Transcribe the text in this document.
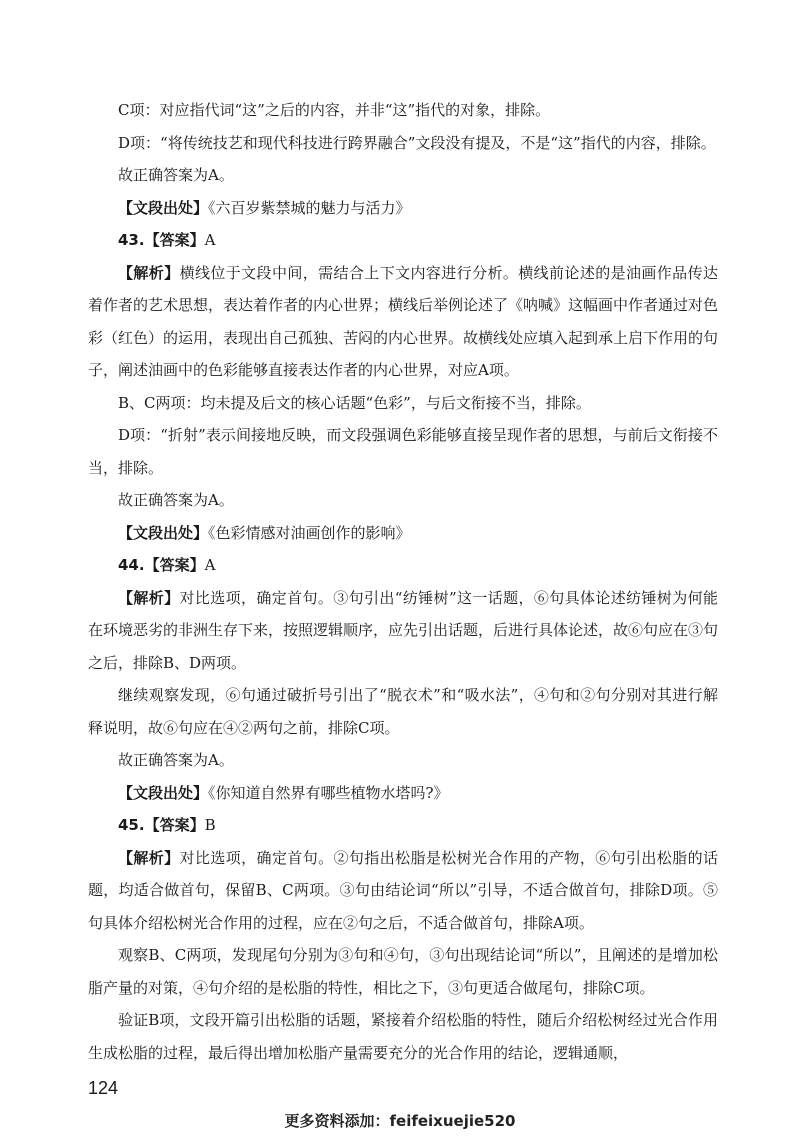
C项：对应指代词“这”之后的内容，并非“这”指代的对象，排除。

D项：“将传统技艺和现代科技进行跨界融合”文段没有提及，不是“这”指代的内容，排除。

故正确答案为A。

【文段出处】《六百岁紫禁城的魅力与活力》

43.【答案】A

【解析】横线位于文段中间，需结合上下文内容进行分析。横线前论述的是油画作品传达着作者的艺术思想，表达着作者的内心世界；横线后举例论述了《呐喊》这幅画中作者通过对色彩（红色）的运用，表现出自己孤独、苦闷的内心世界。故横线处应填入起到承上启下作用的句子，阐述油画中的色彩能够直接表达作者的内心世界，对应A项。

B、C两项：均未提及后文的核心话题“色彩”，与后文衔接不当，排除。

D项：“折射”表示间接地反映，而文段强调色彩能够直接呈现作者的思想，与前后文衔接不当，排除。

故正确答案为A。

【文段出处】《色彩情感对油画创作的影响》

44.【答案】A

【解析】对比选项，确定首句。③句引出“纺锤树”这一话题，⑥句具体论述纺锤树为何能在环境恶劣的非洲生存下来，按照逻辑顺序，应先引出话题，后进行具体论述，故⑥句应在③句之后，排除B、D两项。

继续观察发现，⑥句通过破折号引出了“脱衣术”和“吸水法”，④句和②句分别对其进行解释说明，故⑥句应在④②两句之前，排除C项。

故正确答案为A。

【文段出处】《你知道自然界有哪些植物水塔吗?》

45.【答案】B

【解析】对比选项，确定首句。②句指出松脂是松树光合作用的产物，⑥句引出松脂的话题，均适合做首句，保留B、C两项。③句由结论词“所以”引导，不适合做首句，排除D项。⑤句具体介绍松树光合作用的过程，应在②句之后，不适合做首句，排除A项。

观察B、C两项，发现尾句分别为③句和④句，③句出现结论词“所以”，且阐述的是增加松脂产量的对策，④句介绍的是松脂的特性，相比之下，③句更适合做尾句，排除C项。

验证B项，文段开篇引出松脂的话题，紧接着介绍松脂的特性，随后介绍松树经过光合作用生成松脂的过程，最后得出增加松脂产量需要充分的光合作用的结论，逻辑通顺，

124
更多资料添加：feifeixuejie520
